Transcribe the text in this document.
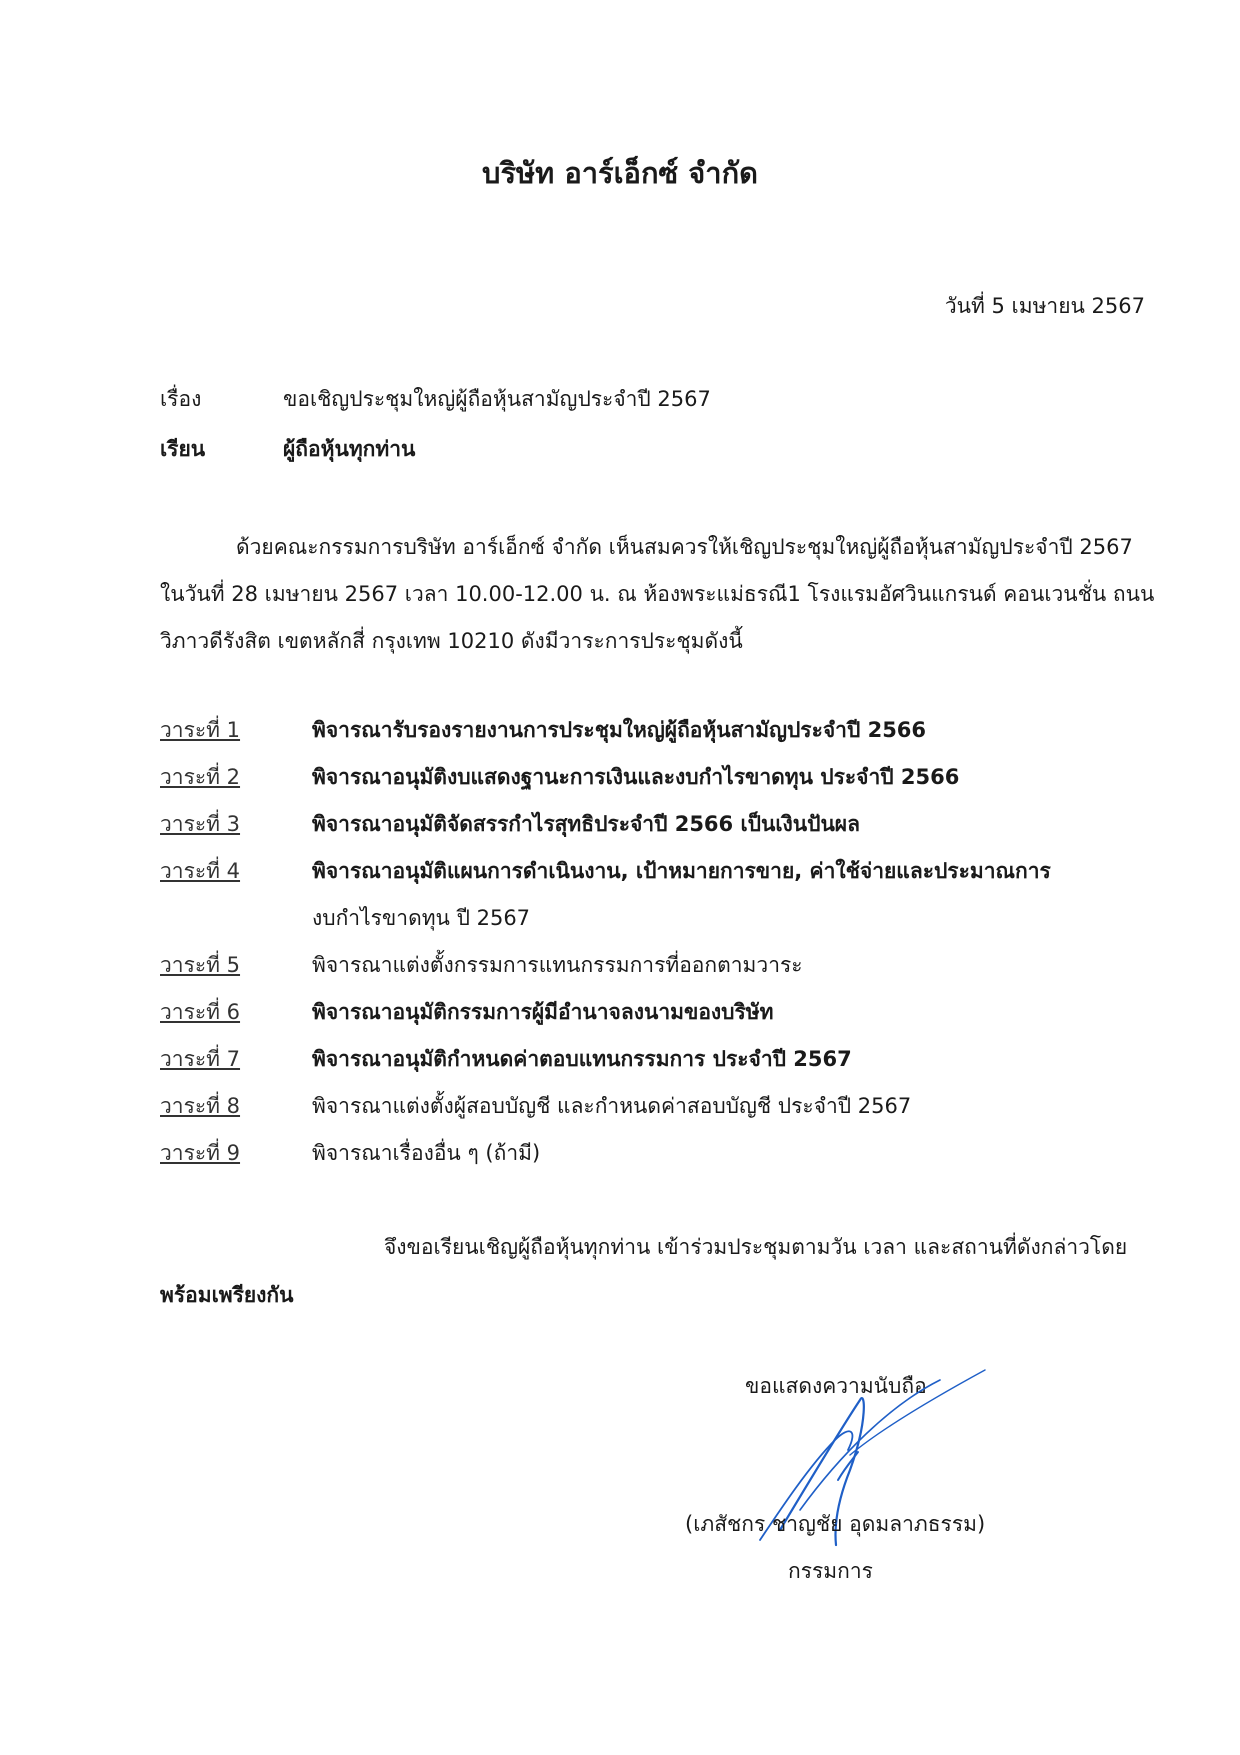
บริษัท อาร์เอ็กซ์ จำกัด
วันที่ 5 เมษายน 2567
เรื่อง	ขอเชิญประชุมใหญ่ผู้ถือหุ้นสามัญประจำปี 2567
เรียน	ผู้ถือหุ้นทุกท่าน
ด้วยคณะกรรมการบริษัท อาร์เอ็กซ์ จำกัด เห็นสมควรให้เชิญประชุมใหญ่ผู้ถือหุ้นสามัญประจำปี 2567
ในวันที่ 28 เมษายน 2567 เวลา 10.00-12.00 น. ณ ห้องพระแม่ธรณี1 โรงแรมอัศวินแกรนด์ คอนเวนชั่น ถนน
วิภาวดีรังสิต เขตหลักสี่ กรุงเทพ 10210 ดังมีวาระการประชุมดังนี้
วาระที่ 1	พิจารณารับรองรายงานการประชุมใหญ่ผู้ถือหุ้นสามัญประจำปี 2566
วาระที่ 2	พิจารณาอนุมัติงบแสดงฐานะการเงินและงบกำไรขาดทุน ประจำปี 2566
วาระที่ 3	พิจารณาอนุมัติจัดสรรกำไรสุทธิประจำปี 2566 เป็นเงินปันผล
วาระที่ 4	พิจารณาอนุมัติแผนการดำเนินงาน, เป้าหมายการขาย, ค่าใช้จ่ายและประมาณการ
งบกำไรขาดทุน ปี 2567
วาระที่ 5	พิจารณาแต่งตั้งกรรมการแทนกรรมการที่ออกตามวาระ
วาระที่ 6	พิจารณาอนุมัติกรรมการผู้มีอำนาจลงนามของบริษัท
วาระที่ 7	พิจารณาอนุมัติกำหนดค่าตอบแทนกรรมการ ประจำปี 2567
วาระที่ 8	พิจารณาแต่งตั้งผู้สอบบัญชี และกำหนดค่าสอบบัญชี ประจำปี 2567
วาระที่ 9	พิจารณาเรื่องอื่น ๆ (ถ้ามี)
จึงขอเรียนเชิญผู้ถือหุ้นทุกท่าน เข้าร่วมประชุมตามวัน เวลา และสถานที่ดังกล่าวโดย
พร้อมเพรียงกัน
ขอแสดงความนับถือ
(เภสัชกร ชาญชัย อุดมลาภธรรม)
กรรมการ
